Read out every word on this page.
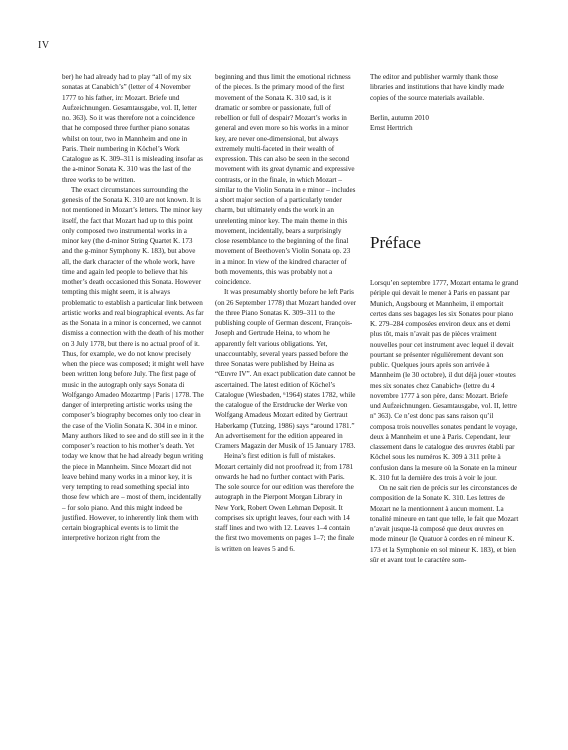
IV

ber) he had already had to play “all of my six sonatas at Canabich’s” (letter of 4 November 1777 to his father, in: Mozart. Briefe und Aufzeichnungen. Gesamtausgabe, vol. II, letter no. 363). So it was therefore not a coincidence that he composed three further piano sonatas whilst on tour, two in Mannheim and one in Paris. Their numbering in Köchel’s Work Catalogue as K. 309–311 is misleading insofar as the a-minor Sonata K. 310 was the last of the three works to be written.

The exact circumstances surrounding the genesis of the Sonata K. 310 are not known. It is not mentioned in Mozart’s letters. The minor key itself, the fact that Mozart had up to this point only composed two instrumental works in a minor key (the d-minor String Quartet K. 173 and the g-minor Symphony K. 183), but above all, the dark character of the whole work, have time and again led people to believe that his mother’s death occasioned this Sonata. However tempting this might seem, it is always problematic to establish a particular link between artistic works and real biographical events. As far as the Sonata in a minor is concerned, we cannot dismiss a connection with the death of his mother on 3 July 1778, but there is no actual proof of it. Thus, for example, we do not know precisely when the piece was composed; it might well have been written long before July. The first page of music in the autograph only says Sonata di Wolfgango Amadeo Mozartmp | Paris | 1778. The danger of interpreting artistic works using the composer’s biography becomes only too clear in the case of the Violin Sonata K. 304 in e minor. Many authors liked to see and do still see in it the composer’s reaction to his mother’s death. Yet today we know that he had already begun writing the piece in Mannheim. Since Mozart did not leave behind many works in a minor key, it is very tempting to read something special into those few which are – most of them, incidentally – for solo piano. And this might indeed be justified. However, to inherently link them with certain biographical events is to limit the interpretive horizon right from the

beginning and thus limit the emotional richness of the pieces. Is the primary mood of the first movement of the Sonata K. 310 sad, is it dramatic or sombre or passionate, full of rebellion or full of despair? Mozart’s works in general and even more so his works in a minor key, are never one-dimensional, but always extremely multi-faceted in their wealth of expression. This can also be seen in the second movement with its great dynamic and expressive contrasts, or in the finale, in which Mozart – similar to the Violin Sonata in e minor – includes a short major section of a particularly tender charm, but ultimately ends the work in an unrelenting minor key. The main theme in this movement, incidentally, bears a surprisingly close resemblance to the beginning of the final movement of Beethoven’s Violin Sonata op. 23 in a minor. In view of the kindred character of both movements, this was probably not a coincidence.

It was presumably shortly before he left Paris (on 26 September 1778) that Mozart handed over the three Piano Sonatas K. 309–311 to the publishing couple of German descent, François-Joseph and Gertrude Heina, to whom he apparently felt various obligations. Yet, unaccountably, several years passed before the three Sonatas were published by Heina as “Œuvre IV”. An exact publication date cannot be ascertained. The latest edition of Köchel’s Catalogue (Wiesbaden, ⁶1964) states 1782, while the catalogue of the Erstdrucke der Werke von Wolfgang Amadeus Mozart edited by Gertraut Haberkamp (Tutzing, 1986) says “around 1781.” An advertisement for the edition appeared in Cramers Magazin der Musik of 15 January 1783.

Heina’s first edition is full of mistakes. Mozart certainly did not proofread it; from 1781 onwards he had no further contact with Paris. The sole source for our edition was therefore the autograph in the Pierpont Morgan Library in New York, Robert Owen Lehman Deposit. It comprises six upright leaves, four each with 14 staff lines and two with 12. Leaves 1–4 contain the first two movements on pages 1–7; the finale is written on leaves 5 and 6.

The editor and publisher warmly thank those libraries and institutions that have kindly made copies of the source materials available.

Berlin, autumn 2010

Ernst Herttrich

Préface

Lorsqu’en septembre 1777, Mozart entama le grand périple qui devait le mener à Paris en passant par Munich, Augsbourg et Mannheim, il emportait certes dans ses bagages les six Sonates pour piano K. 279–284 composées environ deux ans et demi plus tôt, mais n’avait pas de pièces vraiment nouvelles pour cet instrument avec lequel il devait pourtant se présenter régulièrement devant son public. Quelques jours après son arrivée à Mannheim (le 30 octobre), il dut déjà jouer «toutes mes six sonates chez Canabich» (lettre du 4 novembre 1777 à son père, dans: Mozart. Briefe und Aufzeichnungen. Gesamtausgabe, vol. II, lettre nº 363). Ce n’est donc pas sans raison qu’il composa trois nouvelles sonates pendant le voyage, deux à Mannheim et une à Paris. Cependant, leur classement dans le catalogue des œuvres établi par Köchel sous les numéros K. 309 à 311 prête à confusion dans la mesure où la Sonate en la mineur K. 310 fut la dernière des trois à voir le jour.

On ne sait rien de précis sur les circonstances de composition de la Sonate K. 310. Les lettres de Mozart ne la mentionnent à aucun moment. La tonalité mineure en tant que telle, le fait que Mozart n’avait jusque-là composé que deux œuvres en mode mineur (le Quatuor à cordes en ré mineur K. 173 et la Symphonie en sol mineur K. 183), et bien sûr et avant tout le caractère som-
